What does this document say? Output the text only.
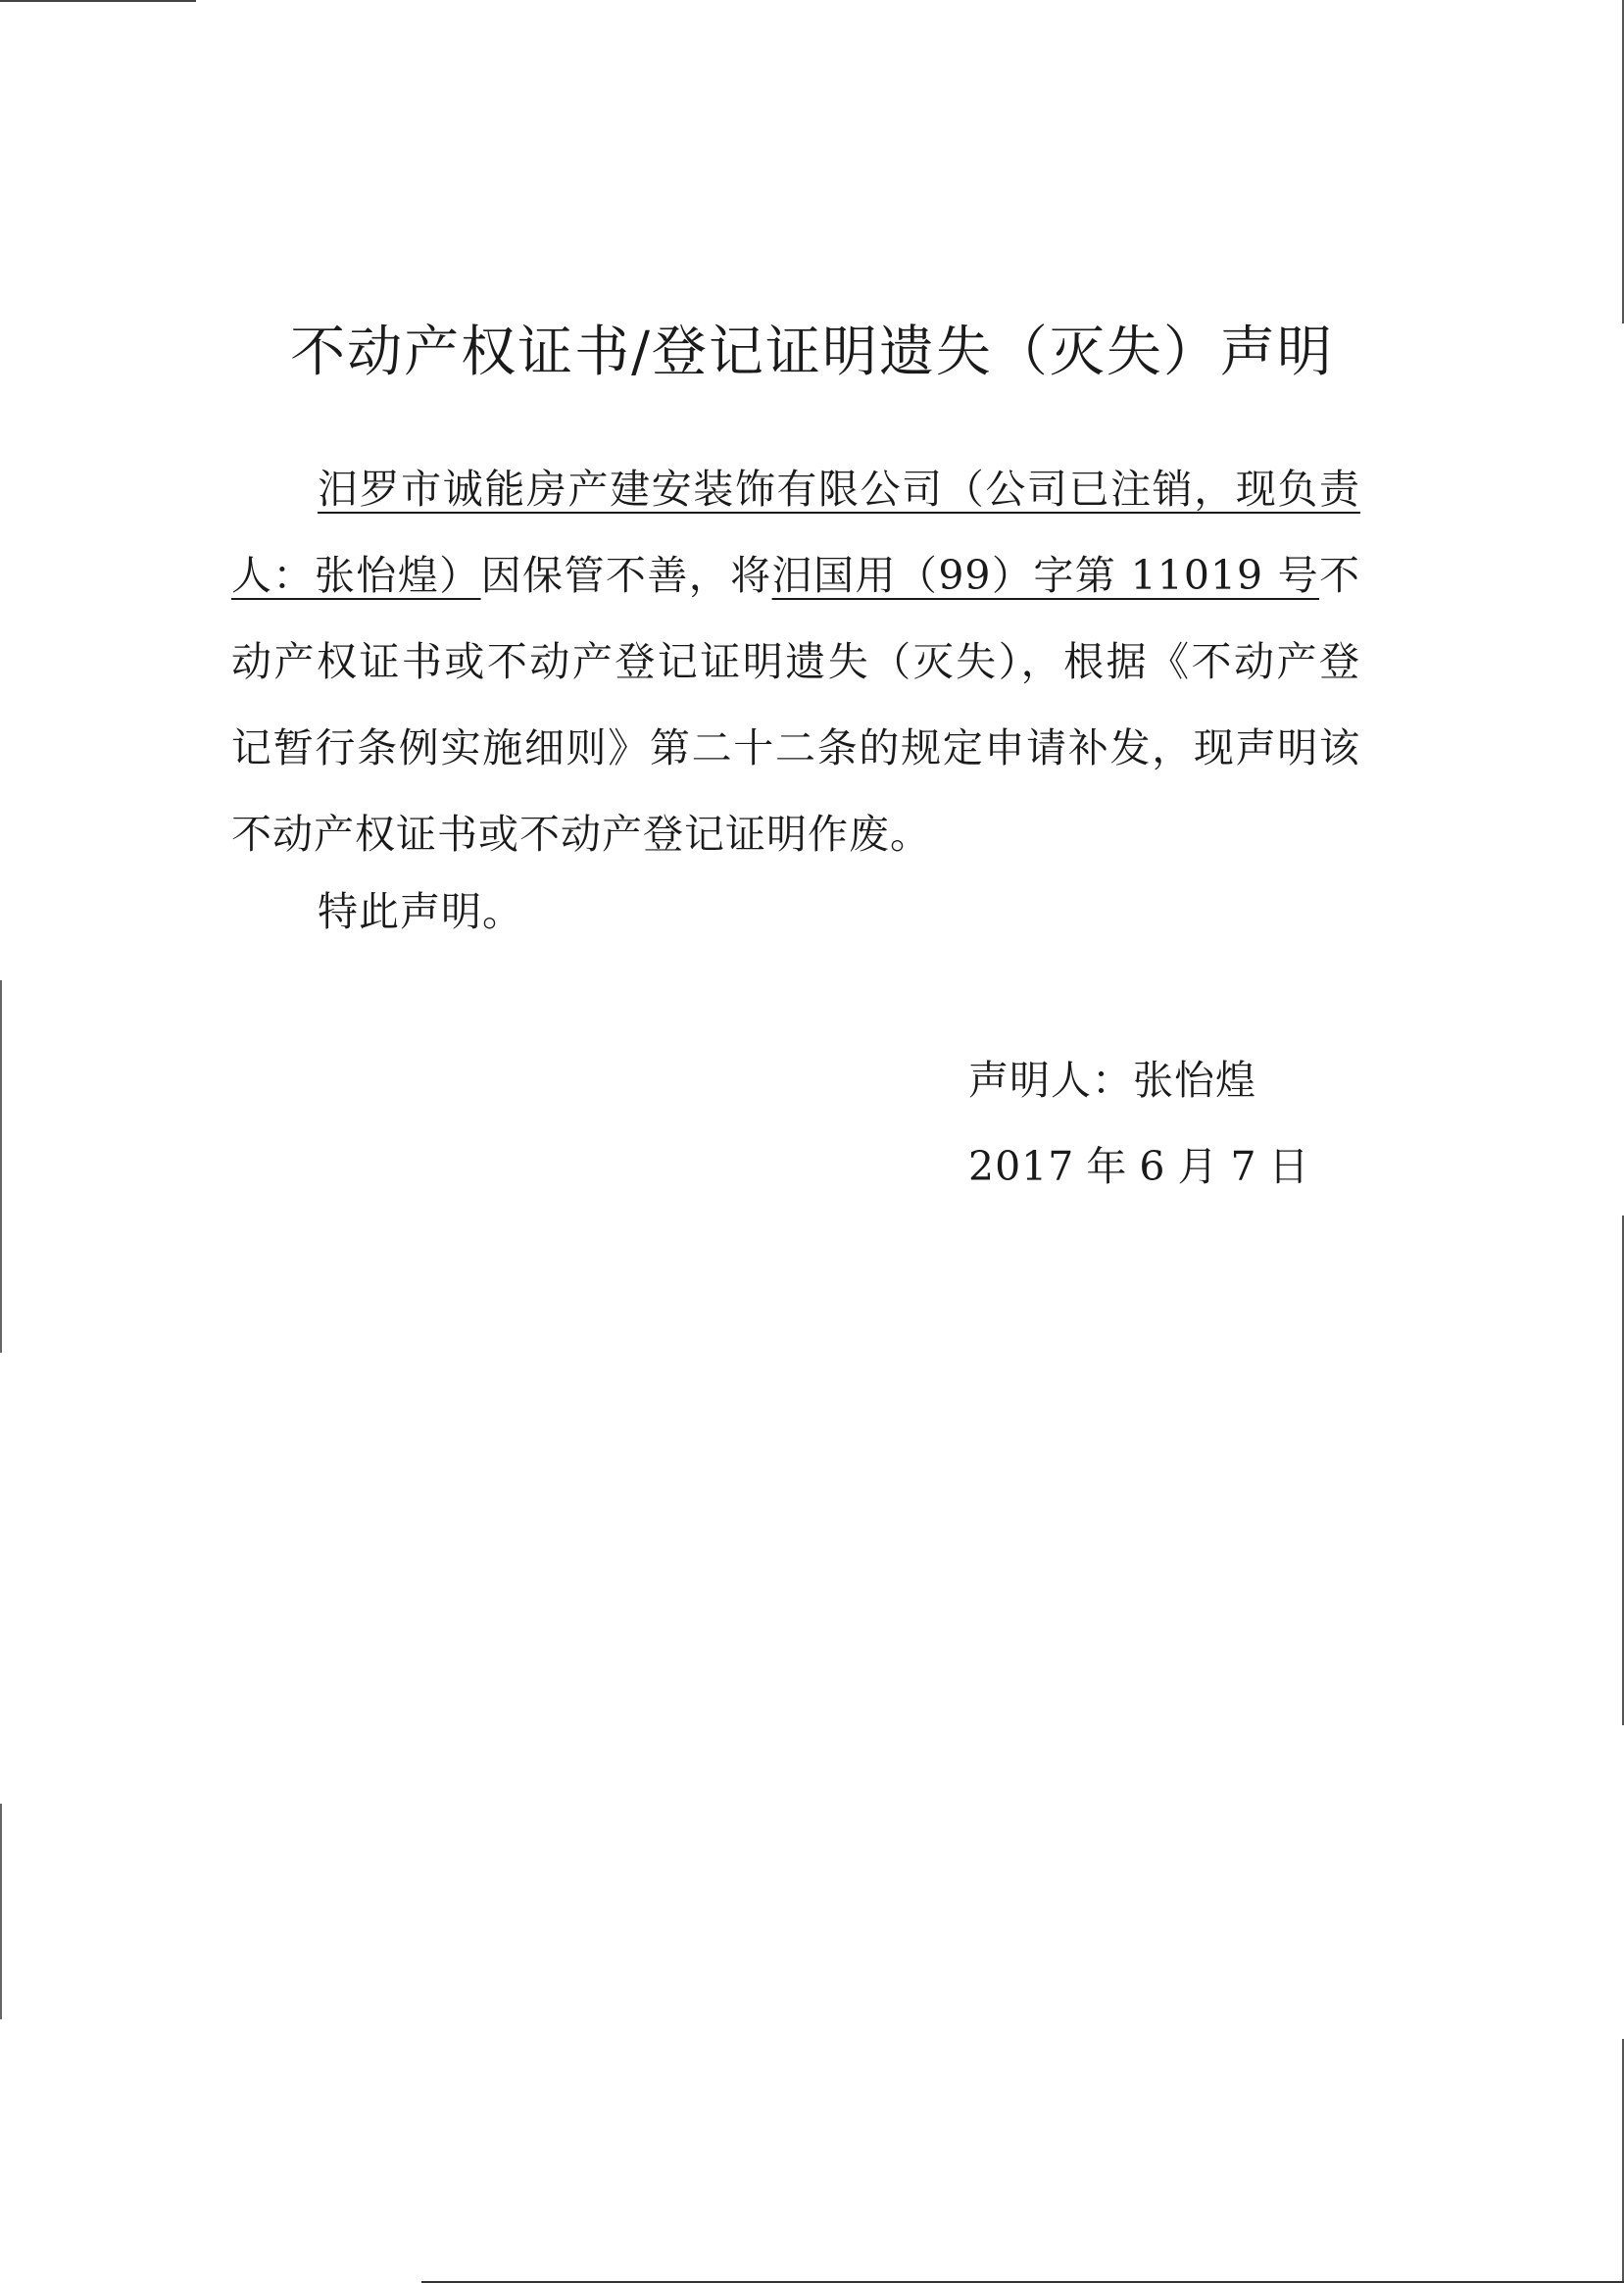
不动产权证书/登记证明遗失（灭失）声明

汨罗市诚能房产建安装饰有限公司（公司已注销，现负责人：张怡煌）因保管不善，将汨国用（99）字第 11019 号不动产权证书或不动产登记证明遗失（灭失），根据《不动产登记暂行条例实施细则》第二十二条的规定申请补发，现声明该不动产权证书或不动产登记证明作废。

特此声明。
声明人：张怡煌
2017 年 6 月 7 日
